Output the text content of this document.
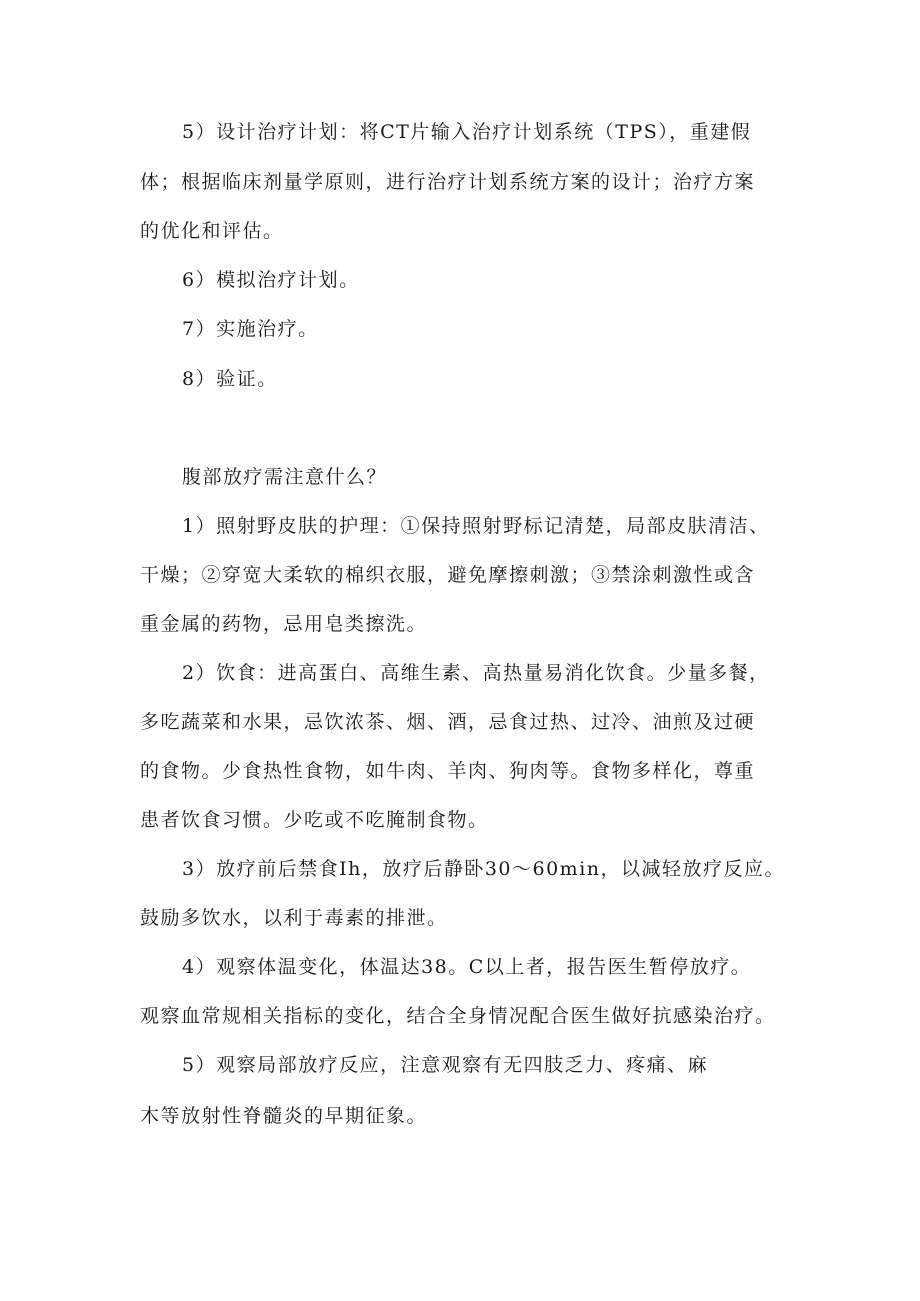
5）设计治疗计划：将CT片输入治疗计划系统（TPS），重建假
体；根据临床剂量学原则，进行治疗计划系统方案的设计；治疗方案
的优化和评估。
6）模拟治疗计划。
7）实施治疗。
8）验证。
腹部放疗需注意什么？
1）照射野皮肤的护理：①保持照射野标记清楚，局部皮肤清洁、
干燥；②穿宽大柔软的棉织衣服，避免摩擦刺激；③禁涂刺激性或含
重金属的药物，忌用皂类擦洗。
2）饮食：进高蛋白、高维生素、高热量易消化饮食。少量多餐，
多吃蔬菜和水果，忌饮浓茶、烟、酒，忌食过热、过冷、油煎及过硬
的食物。少食热性食物，如牛肉、羊肉、狗肉等。食物多样化，尊重
患者饮食习惯。少吃或不吃腌制食物。
3）放疗前后禁食Ih，放疗后静卧30～60min，以减轻放疗反应。
鼓励多饮水，以利于毒素的排泄。
4）观察体温变化，体温达38。C以上者，报告医生暂停放疗。
观察血常规相关指标的变化，结合全身情况配合医生做好抗感染治疗。
5）观察局部放疗反应，注意观察有无四肢乏力、疼痛、麻
木等放射性脊髓炎的早期征象。
